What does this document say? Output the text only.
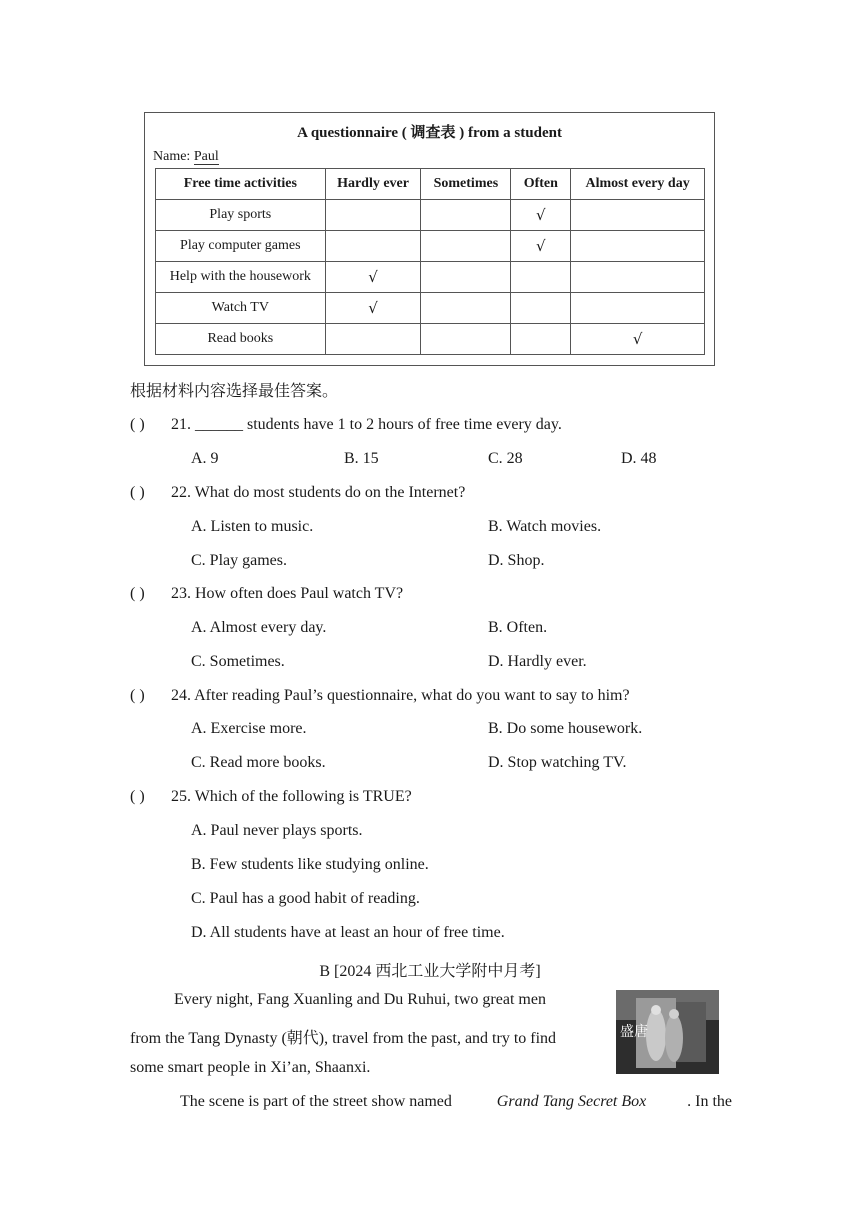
A questionnaire ( 调查表 ) from a student
Name: Paul
Free time activities	Hardly ever	Sometimes	Often	Almost every day
Play sports			√	
Play computer games			√	
Help with the housework	√			
Watch TV	√			
Read books				√
根据材料内容选择最佳答案。
( ) 21. ______ students have 1 to 2 hours of free time every day.
A. 9	B. 15	C. 28	D. 48
( ) 22. What do most students do on the Internet?
A. Listen to music.	B. Watch movies.
C. Play games.	D. Shop.
( ) 23. How often does Paul watch TV?
A. Almost every day.	B. Often.
C. Sometimes.	D. Hardly ever.
( ) 24. After reading Paul’s questionnaire, what do you want to say to him?
A. Exercise more.	B. Do some housework.
C. Read more books.	D. Stop watching TV.
( ) 25. Which of the following is TRUE?
A. Paul never plays sports.
B. Few students like studying online.
C. Paul has a good habit of reading.
D. All students have at least an hour of free time.
B [2024 西北工业大学附中月考]
Every night, Fang Xuanling and Du Ruhui, two great men
from the Tang Dynasty (朝代), travel from the past, and try to find
some smart people in Xi’an, Shaanxi.
盛唐
The scene is part of the street show named	Grand Tang Secret Box	. In the
